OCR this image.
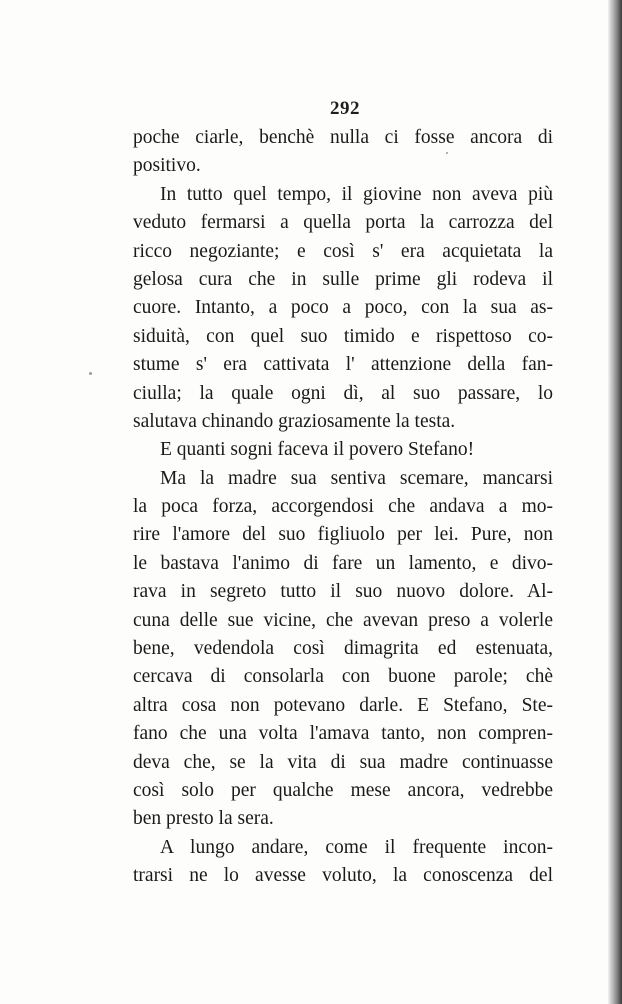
292
poche ciarle, benchè nulla ci fosse ancora di
positivo.
In tutto quel tempo, il giovine non aveva più
veduto fermarsi a quella porta la carrozza del
ricco negoziante; e così s' era acquietata la
gelosa cura che in sulle prime gli rodeva il
cuore. Intanto, a poco a poco, con la sua as-
siduità, con quel suo timido e rispettoso co-
stume s' era cattivata l' attenzione della fan-
ciulla; la quale ogni dì, al suo passare, lo
salutava chinando graziosamente la testa.
E quanti sogni faceva il povero Stefano!
Ma la madre sua sentiva scemare, mancarsi
la poca forza, accorgendosi che andava a mo-
rire l'amore del suo figliuolo per lei. Pure, non
le bastava l'animo di fare un lamento, e divo-
rava in segreto tutto il suo nuovo dolore. Al-
cuna delle sue vicine, che avevan preso a volerle
bene, vedendola così dimagrita ed estenuata,
cercava di consolarla con buone parole; chè
altra cosa non potevano darle. E Stefano, Ste-
fano che una volta l'amava tanto, non compren-
deva che, se la vita di sua madre continuasse
così solo per qualche mese ancora, vedrebbe
ben presto la sera.
A lungo andare, come il frequente incon-
trarsi ne lo avesse voluto, la conoscenza del
